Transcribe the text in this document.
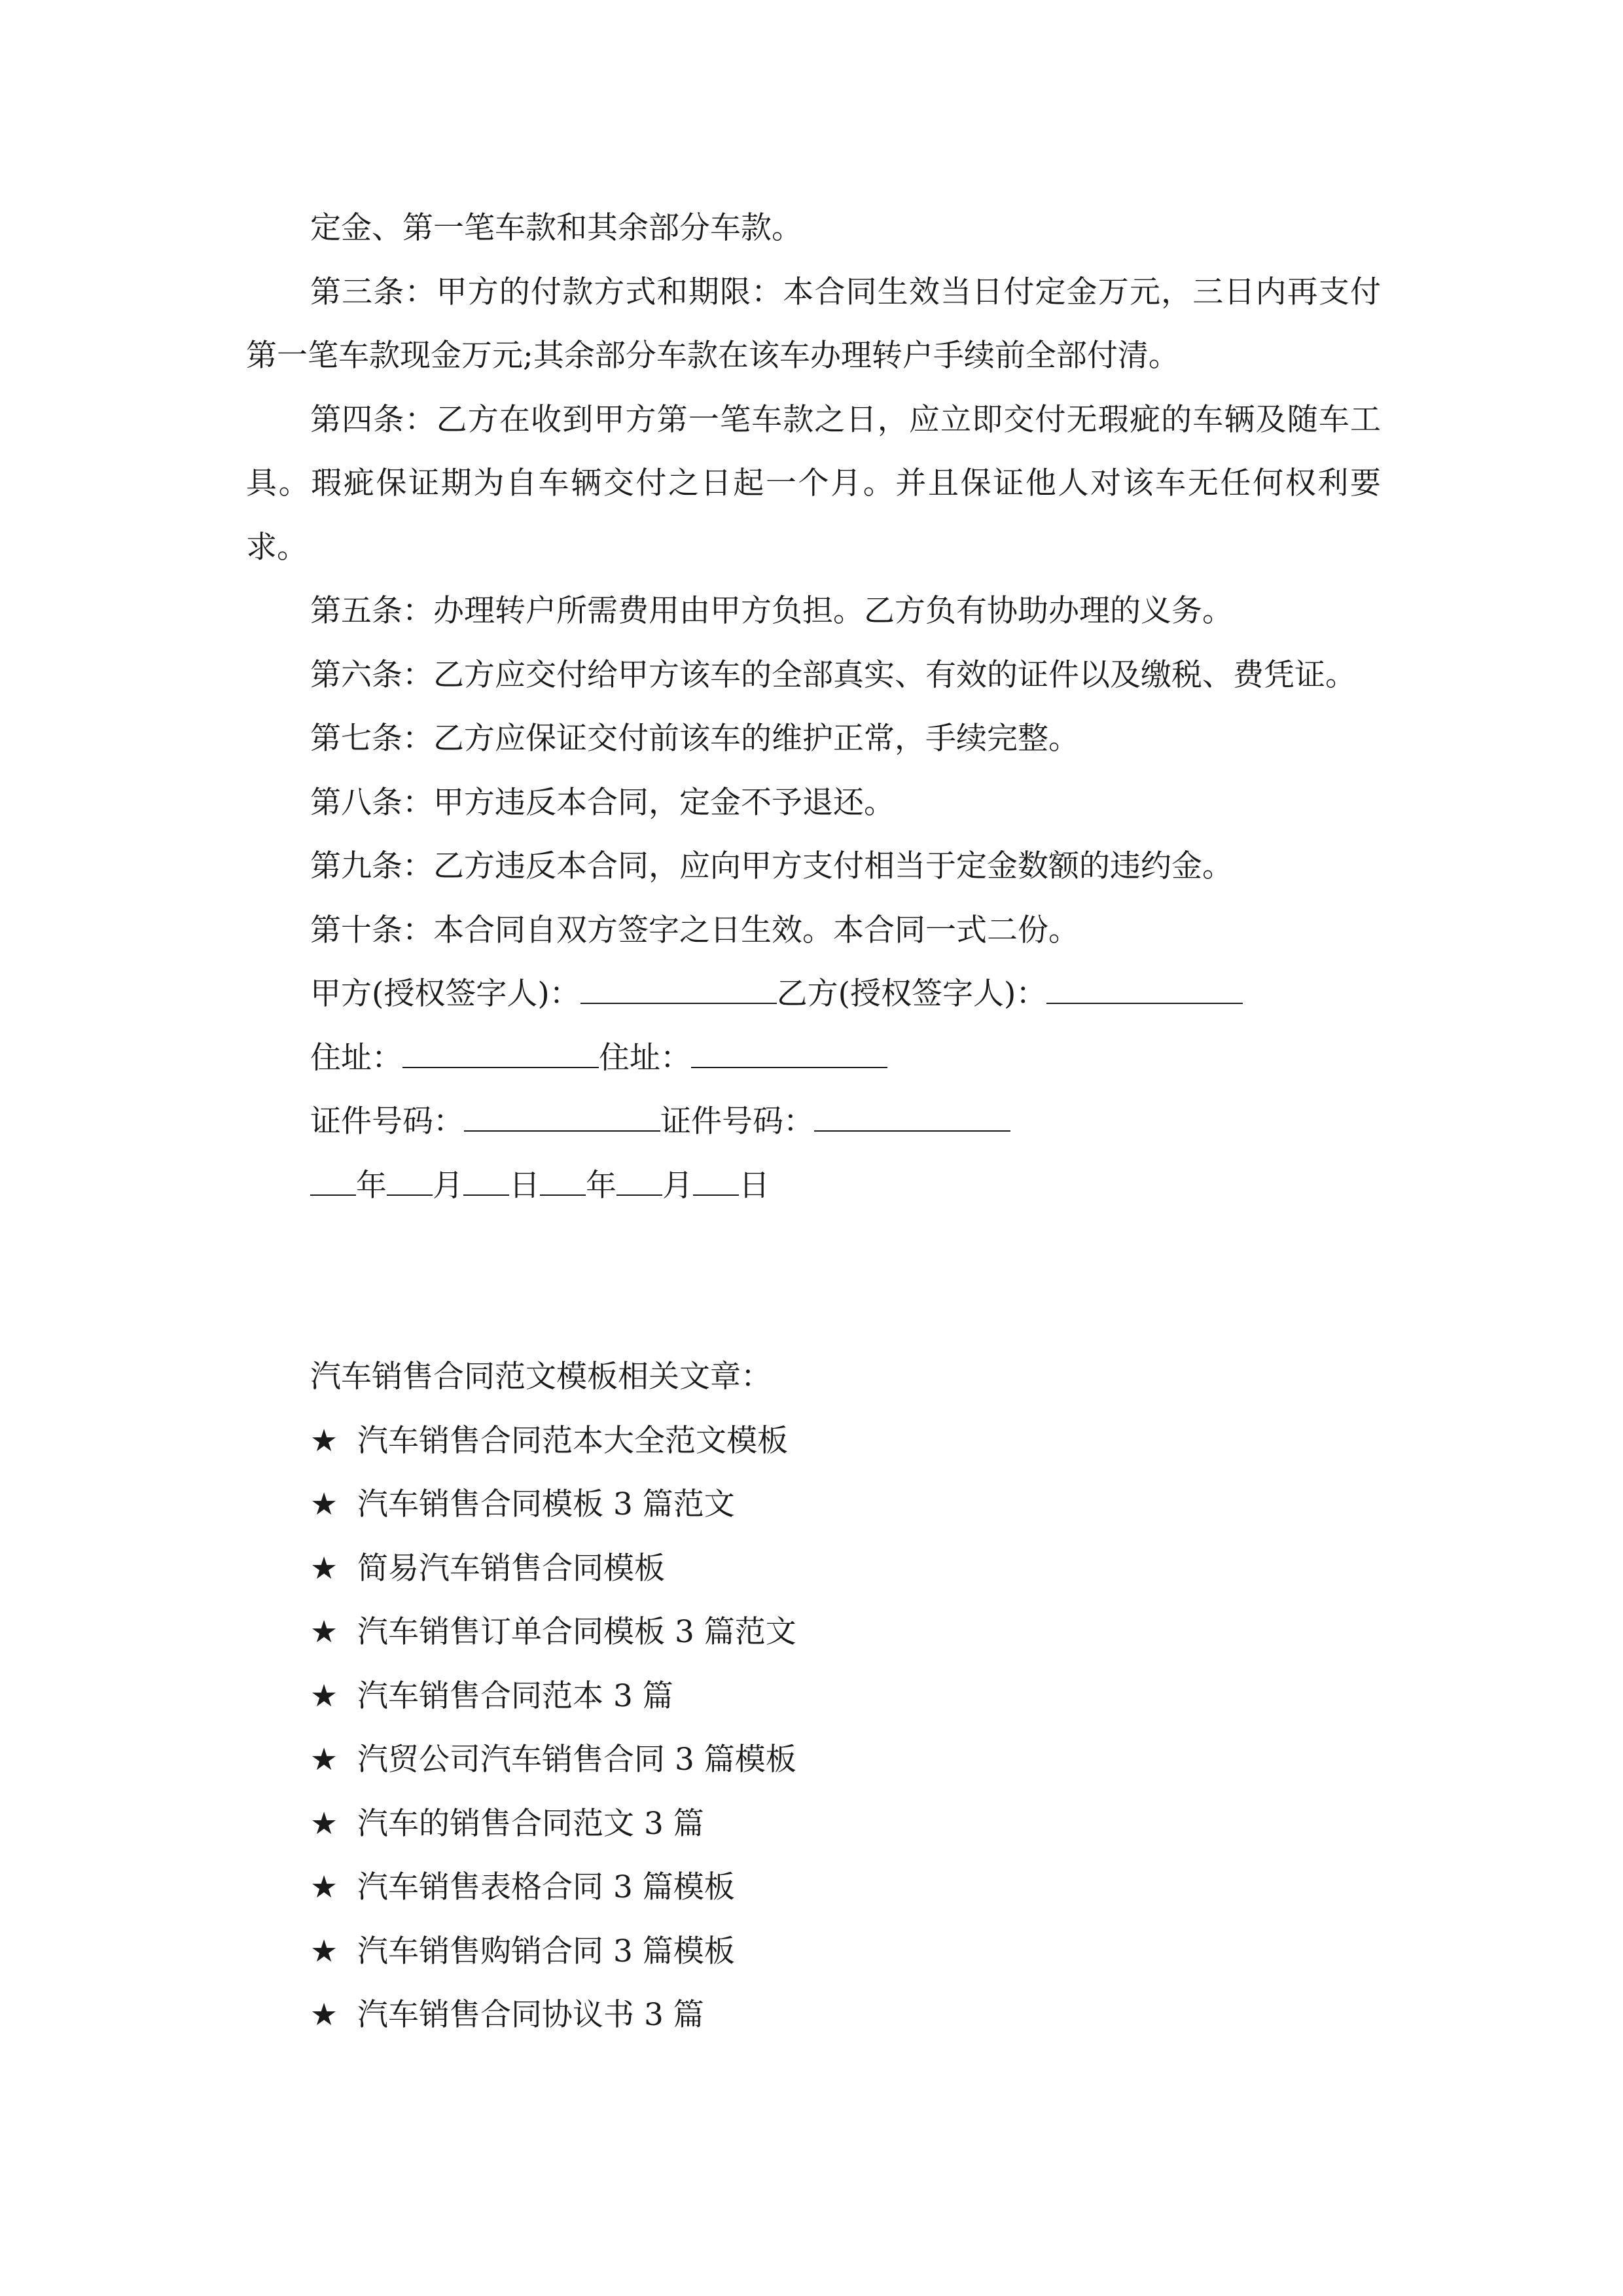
定金、第一笔车款和其余部分车款。

第三条：甲方的付款方式和期限：本合同生效当日付定金万元，三日内再支付第一笔车款现金万元;其余部分车款在该车办理转户手续前全部付清。

第四条：乙方在收到甲方第一笔车款之日，应立即交付无瑕疵的车辆及随车工具。瑕疵保证期为自车辆交付之日起一个月。并且保证他人对该车无任何权利要求。

第五条：办理转户所需费用由甲方负担。乙方负有协助办理的义务。

第六条：乙方应交付给甲方该车的全部真实、有效的证件以及缴税、费凭证。

第七条：乙方应保证交付前该车的维护正常，手续完整。

第八条：甲方违反本合同，定金不予退还。

第九条：乙方违反本合同，应向甲方支付相当于定金数额的违约金。

第十条：本合同自双方签字之日生效。本合同一式二份。

甲方(授权签字人)：	乙方(授权签字人)：
住址：	住址：
证件号码：	证件号码：
年 月 日 年 月 日
汽车销售合同范文模板相关文章：
★ 汽车销售合同范本大全范文模板
★ 汽车销售合同模板 3 篇范文
★ 简易汽车销售合同模板
★ 汽车销售订单合同模板 3 篇范文
★ 汽车销售合同范本 3 篇
★ 汽贸公司汽车销售合同 3 篇模板
★ 汽车的销售合同范文 3 篇
★ 汽车销售表格合同 3 篇模板
★ 汽车销售购销合同 3 篇模板
★ 汽车销售合同协议书 3 篇
